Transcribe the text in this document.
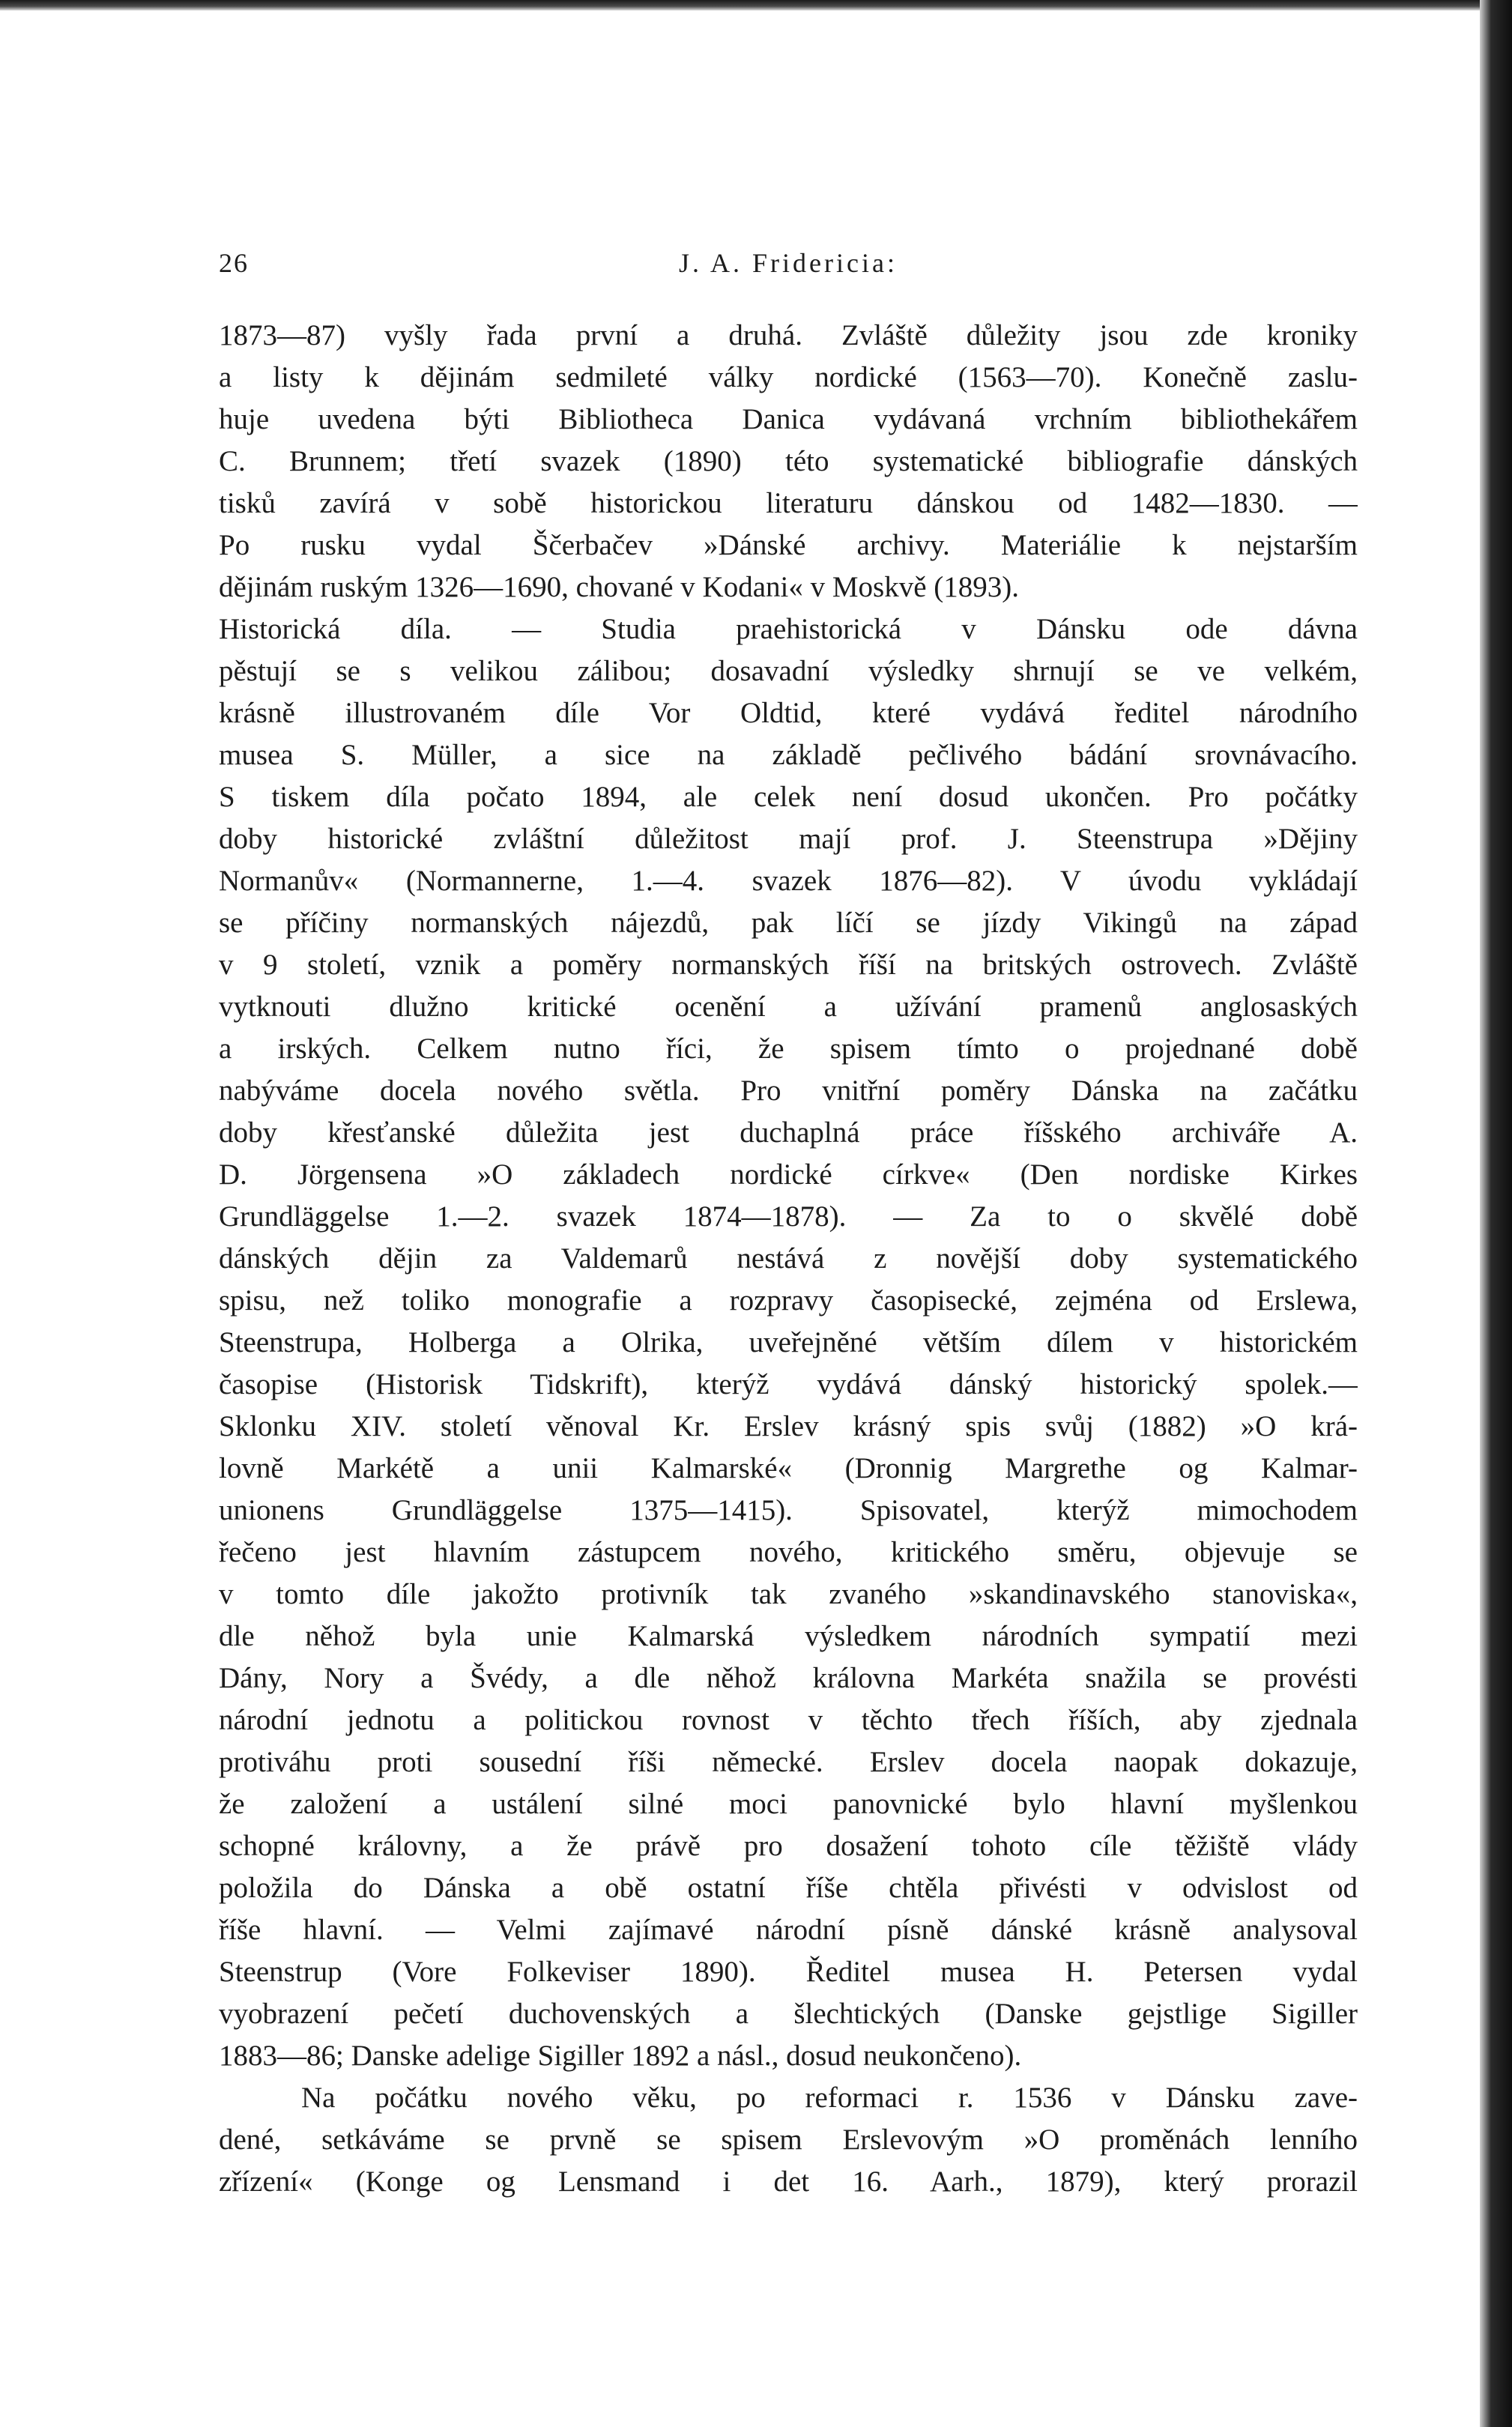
26	J. A. Fridericia:
1873—87) vyšly řada první a druhá. Zvláště důležity jsou zde kroniky
a listy k dějinám sedmileté války nordické (1563—70). Konečně zaslu-
huje uvedena býti Bibliotheca Danica vydávaná vrchním bibliothekářem
C. Brunnem; třetí svazek (1890) této systematické bibliografie dánských
tisků zavírá v sobě historickou literaturu dánskou od 1482—1830. —
Po rusku vydal Ščerbačev »Dánské archivy. Materiálie k nejstarším
dějinám ruským 1326—1690, chované v Kodani« v Moskvě (1893).
Historická díla. — Studia praehistorická v Dánsku ode dávna
pěstují se s velikou zálibou; dosavadní výsledky shrnují se ve velkém,
krásně illustrovaném díle Vor Oldtid, které vydává ředitel národního
musea S. Müller, a sice na základě pečlivého bádání srovnávacího.
S tiskem díla počato 1894, ale celek není dosud ukončen. Pro počátky
doby historické zvláštní důležitost mají prof. J. Steenstrupa »Dějiny
Normanův« (Normannerne, 1.—4. svazek 1876—82). V úvodu vykládají
se příčiny normanských nájezdů, pak líčí se jízdy Vikingů na západ
v 9 století, vznik a poměry normanských říší na britských ostrovech. Zvláště
vytknouti dlužno kritické ocenění a užívání pramenů anglosaských
a irských. Celkem nutno říci, že spisem tímto o projednané době
nabýváme docela nového světla. Pro vnitřní poměry Dánska na začátku
doby křesťanské důležita jest duchaplná práce říšského archiváře A.
D. Jörgensena »O základech nordické církve« (Den nordiske Kirkes
Grundläggelse 1.—2. svazek 1874—1878). — Za to o skvělé době
dánských dějin za Valdemarů nestává z novější doby systematického
spisu, než toliko monografie a rozpravy časopisecké, zejména od Erslewa,
Steenstrupa, Holberga a Olrika, uveřejněné větším dílem v historickém
časopise (Historisk Tidskrift), kterýž vydává dánský historický spolek.—
Sklonku XIV. století věnoval Kr. Erslev krásný spis svůj (1882) »O krá-
lovně Markétě a unii Kalmarské« (Dronnig Margrethe og Kalmar-
unionens Grundläggelse 1375—1415). Spisovatel, kterýž mimochodem
řečeno jest hlavním zástupcem nového, kritického směru, objevuje se
v tomto díle jakožto protivník tak zvaného »skandinavského stanoviska«,
dle něhož byla unie Kalmarská výsledkem národních sympatií mezi
Dány, Nory a Švédy, a dle něhož královna Markéta snažila se provésti
národní jednotu a politickou rovnost v těchto třech říších, aby zjednala
protiváhu proti sousední říši německé. Erslev docela naopak dokazuje,
že založení a ustálení silné moci panovnické bylo hlavní myšlenkou
schopné královny, a že právě pro dosažení tohoto cíle těžiště vlády
položila do Dánska a obě ostatní říše chtěla přivésti v odvislost od
říše hlavní. — Velmi zajímavé národní písně dánské krásně analysoval
Steenstrup (Vore Folkeviser 1890). Ředitel musea H. Petersen vydal
vyobrazení pečetí duchovenských a šlechtických (Danske gejstlige Sigiller
1883—86; Danske adelige Sigiller 1892 a násl., dosud neukončeno).
Na počátku nového věku, po reformaci r. 1536 v Dánsku zave-
dené, setkáváme se prvně se spisem Erslevovým »O proměnách lenního
zřízení« (Konge og Lensmand i det 16. Aarh., 1879), který prorazil
